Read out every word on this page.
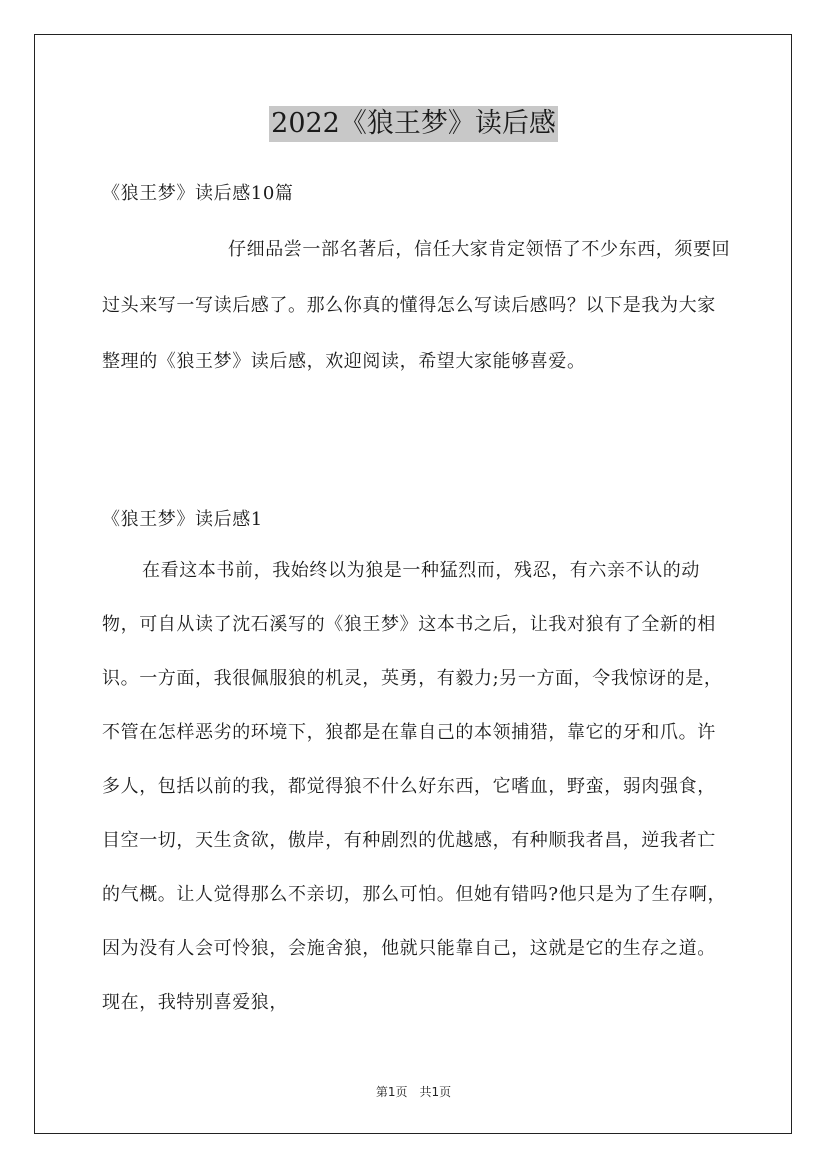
2022《狼王梦》读后感

《狼王梦》读后感10篇

仔细品尝一部名著后，信任大家肯定领悟了不少东西，须要回过头来写一写读后感了。那么你真的懂得怎么写读后感吗？以下是我为大家整理的《狼王梦》读后感，欢迎阅读，希望大家能够喜爱。

《狼王梦》读后感1

在看这本书前，我始终以为狼是一种猛烈而，残忍，有六亲不认的动物，可自从读了沈石溪写的《狼王梦》这本书之后，让我对狼有了全新的相识。一方面，我很佩服狼的机灵，英勇，有毅力;另一方面，令我惊讶的是，不管在怎样恶劣的环境下，狼都是在靠自己的本领捕猎，靠它的牙和爪。许多人，包括以前的我，都觉得狼不什么好东西，它嗜血，野蛮，弱肉强食，目空一切，天生贪欲，傲岸，有种剧烈的优越感，有种顺我者昌，逆我者亡的气概。让人觉得那么不亲切，那么可怕。但她有错吗?他只是为了生存啊，因为没有人会可怜狼，会施舍狼，他就只能靠自己，这就是它的生存之道。现在，我特别喜爱狼，

第1页　共1页
